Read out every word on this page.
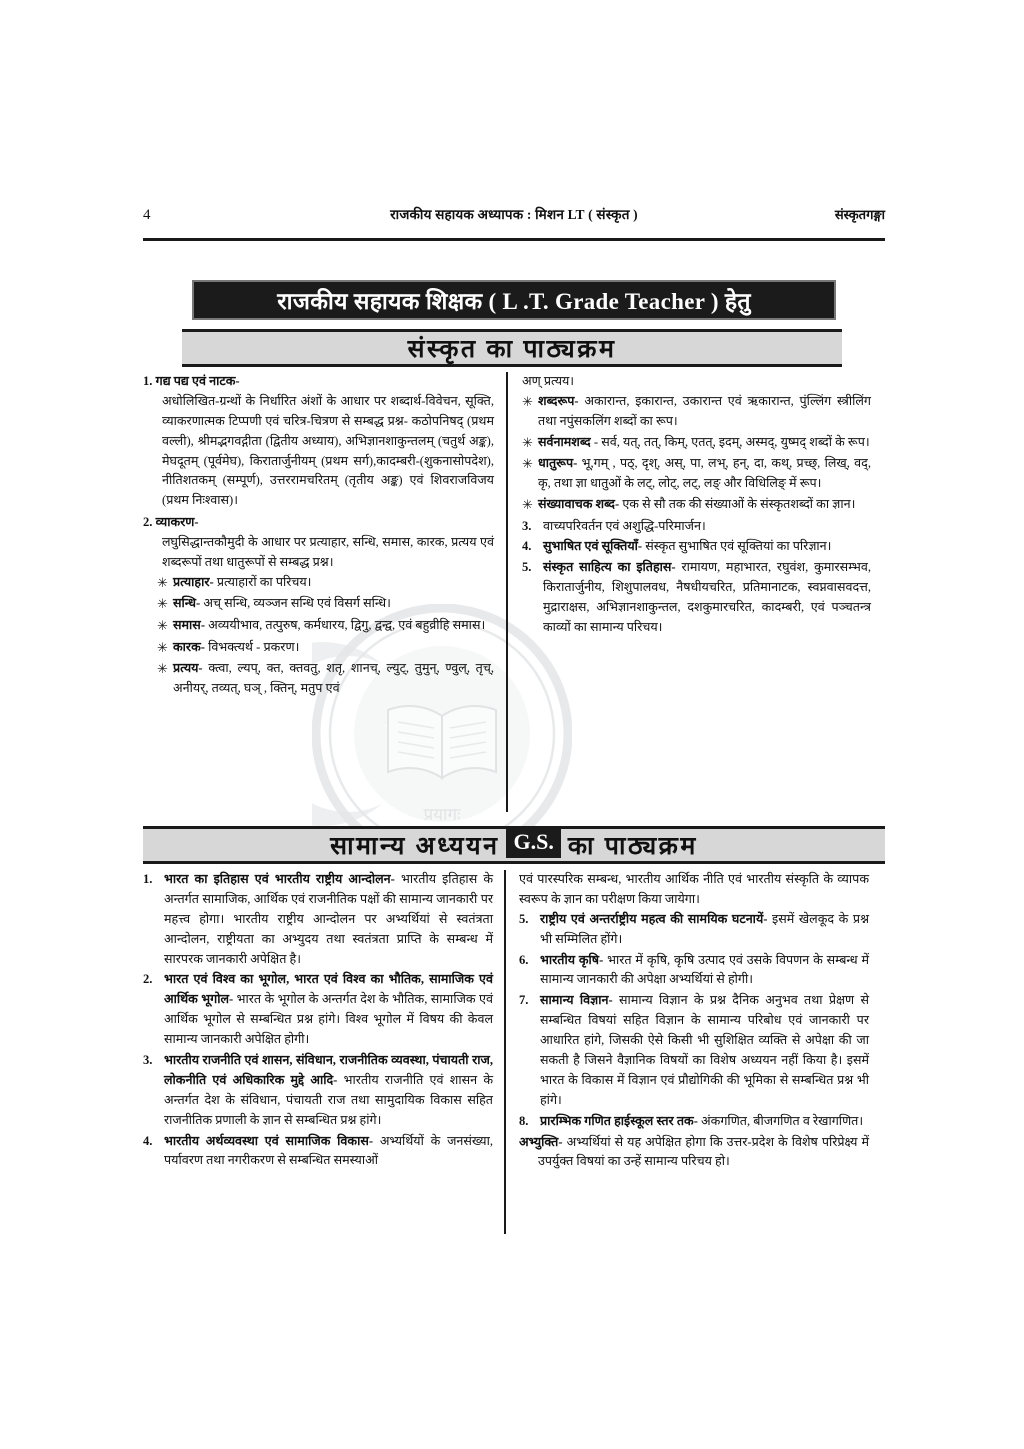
प्रयागः
4	राजकीय सहायक अध्यापक : मिशन LT ( संस्कृत )	संस्कृतगङ्गा
राजकीय सहायक शिक्षक ( L .T. Grade Teacher ) हेतु
संस्कृत का पाठ्यक्रम
1. गद्य पद्य एवं नाटक-
अधोलिखित-ग्रन्थों के निर्धारित अंशों के आधार पर शब्दार्थ-विवेचन, सूक्ति, व्याकरणात्मक टिप्पणी एवं चरित्र-चित्रण से सम्बद्ध प्रश्न- कठोपनिषद् (प्रथम वल्ली), श्रीमद्भगवद्गीता (द्वितीय अध्याय), अभिज्ञानशाकुन्तलम् (चतुर्थ अङ्क), मेघदूतम् (पूर्वमेघ), किरातार्जुनीयम् (प्रथम सर्ग),कादम्बरी-(शुकनासोपदेश), नीतिशतकम् (सम्पूर्ण), उत्तररामचरितम् (तृतीय अङ्क) एवं शिवराजविजय (प्रथम निःश्वास)।
2. व्याकरण-
लघुसिद्धान्तकौमुदी के आधार पर प्रत्याहार, सन्धि, समास, कारक, प्रत्यय एवं शब्दरूपों तथा धातुरूपों से सम्बद्ध प्रश्न।
✳ प्रत्याहार- प्रत्याहारों का परिचय।
✳ सन्धि- अच् सन्धि, व्यञ्जन सन्धि एवं विसर्ग सन्धि।
✳ समास- अव्ययीभाव, तत्पुरुष, कर्मधारय, द्विगु, द्वन्द्व, एवं बहुव्रीहि समास।
✳ कारक- विभक्त्यर्थ - प्रकरण।
✳ प्रत्यय- क्त्वा, ल्यप्, क्त, क्तवतु, शतृ, शानच्, ल्युट्, तुमुन्, ण्वुल्, तृच्, अनीयर्, तव्यत्, घञ् , क्तिन्, मतुप एवं
अण् प्रत्यय।
✳ शब्दरूप- अकारान्त, इकारान्त, उकारान्त एवं ऋकारान्त, पुंल्लिंग स्त्रीलिंग तथा नपुंसकलिंग शब्दों का रूप।
✳ सर्वनामशब्द - सर्व, यत्, तत्, किम्, एतत्, इदम्, अस्मद्, युष्मद् शब्दों के रूप।
✳ धातुरूप- भू,गम् , पठ्, दृश्, अस्, पा, लभ्, हन्, दा, कथ्, प्रच्छ्, लिख्, वद्, कृ, तथा ज्ञा धातुओं के लट्, लोट्, लट्, लङ् और विधिलिङ् में रूप।
✳ संख्यावाचक शब्द- एक से सौ तक की संख्याओं के संस्कृतशब्दों का ज्ञान।
3. वाच्यपरिवर्तन एवं अशुद्धि-परिमार्जन।
4. सुभाषित एवं सूक्तियाँ- संस्कृत सुभाषित एवं सूक्तियां का परिज्ञान।
5. संस्कृत साहित्य का इतिहास- रामायण, महाभारत, रघुवंश, कुमारसम्भव, किरातार्जुनीय, शिशुपालवध, नैषधीयचरित, प्रतिमानाटक, स्वप्नवासवदत्त, मुद्राराक्षस, अभिज्ञानशाकुन्तल, दशकुमारचरित, कादम्बरी, एवं पञ्चतन्त्र काव्यों का सामान्य परिचय।
सामान्य अध्ययन G.S. का पाठ्यक्रम
1. भारत का इतिहास एवं भारतीय राष्ट्रीय आन्दोलन- भारतीय इतिहास के अन्तर्गत सामाजिक, आर्थिक एवं राजनीतिक पक्षों की सामान्य जानकारी पर महत्त्व होगा। भारतीय राष्ट्रीय आन्दोलन पर अभ्यर्थियां से स्वतंत्रता आन्दोलन, राष्ट्रीयता का अभ्युदय तथा स्वतंत्रता प्राप्ति के सम्बन्ध में सारपरक जानकारी अपेक्षित है।
2. भारत एवं विश्व का भूगोल, भारत एवं विश्व का भौतिक, सामाजिक एवं आर्थिक भूगोल- भारत के भूगोल के अन्तर्गत देश के भौतिक, सामाजिक एवं आर्थिक भूगोल से सम्बन्धित प्रश्न हांगे। विश्व भूगोल में विषय की केवल सामान्य जानकारी अपेक्षित होगी।
3. भारतीय राजनीति एवं शासन, संविधान, राजनीतिक व्यवस्था, पंचायती राज, लोकनीति एवं अधिकारिक मुद्दे आदि- भारतीय राजनीति एवं शासन के अन्तर्गत देश के संविधान, पंचायती राज तथा सामुदायिक विकास सहित राजनीतिक प्रणाली के ज्ञान से सम्बन्धित प्रश्न हांगे।
4. भारतीय अर्थव्यवस्था एवं सामाजिक विकास- अभ्यर्थियों के जनसंख्या, पर्यावरण तथा नगरीकरण से सम्बन्धित समस्याओं
एवं पारस्परिक सम्बन्ध, भारतीय आर्थिक नीति एवं भारतीय संस्कृति के व्यापक स्वरूप के ज्ञान का परीक्षण किया जायेगा।
5. राष्ट्रीय एवं अन्तर्राष्ट्रीय महत्व की सामयिक घटनायें- इसमें खेलकूद के प्रश्न भी सम्मिलित होंगे।
6. भारतीय कृषि- भारत में कृषि, कृषि उत्पाद एवं उसके विपणन के सम्बन्ध में सामान्य जानकारी की अपेक्षा अभ्यर्थियां से होगी।
7. सामान्य विज्ञान- सामान्य विज्ञान के प्रश्न दैनिक अनुभव तथा प्रेक्षण से सम्बन्धित विषयां सहित विज्ञान के सामान्य परिबोध एवं जानकारी पर आधारित हांगे, जिसकी ऐसे किसी भी सुशिक्षित व्यक्ति से अपेक्षा की जा सकती है जिसने वैज्ञानिक विषयों का विशेष अध्ययन नहीं किया है। इसमें भारत के विकास में विज्ञान एवं प्रौद्योगिकी की भूमिका से सम्बन्धित प्रश्न भी हांगे।
8. प्रारम्भिक गणित हाईस्कूल स्तर तक- अंकगणित, बीजगणित व रेखागणित।
अभ्युक्ति- अभ्यर्थियां से यह अपेक्षित होगा कि उत्तर-प्रदेश के विशेष परिप्रेक्ष्य में उपर्युक्त विषयां का उन्हें सामान्य परिचय हो।
